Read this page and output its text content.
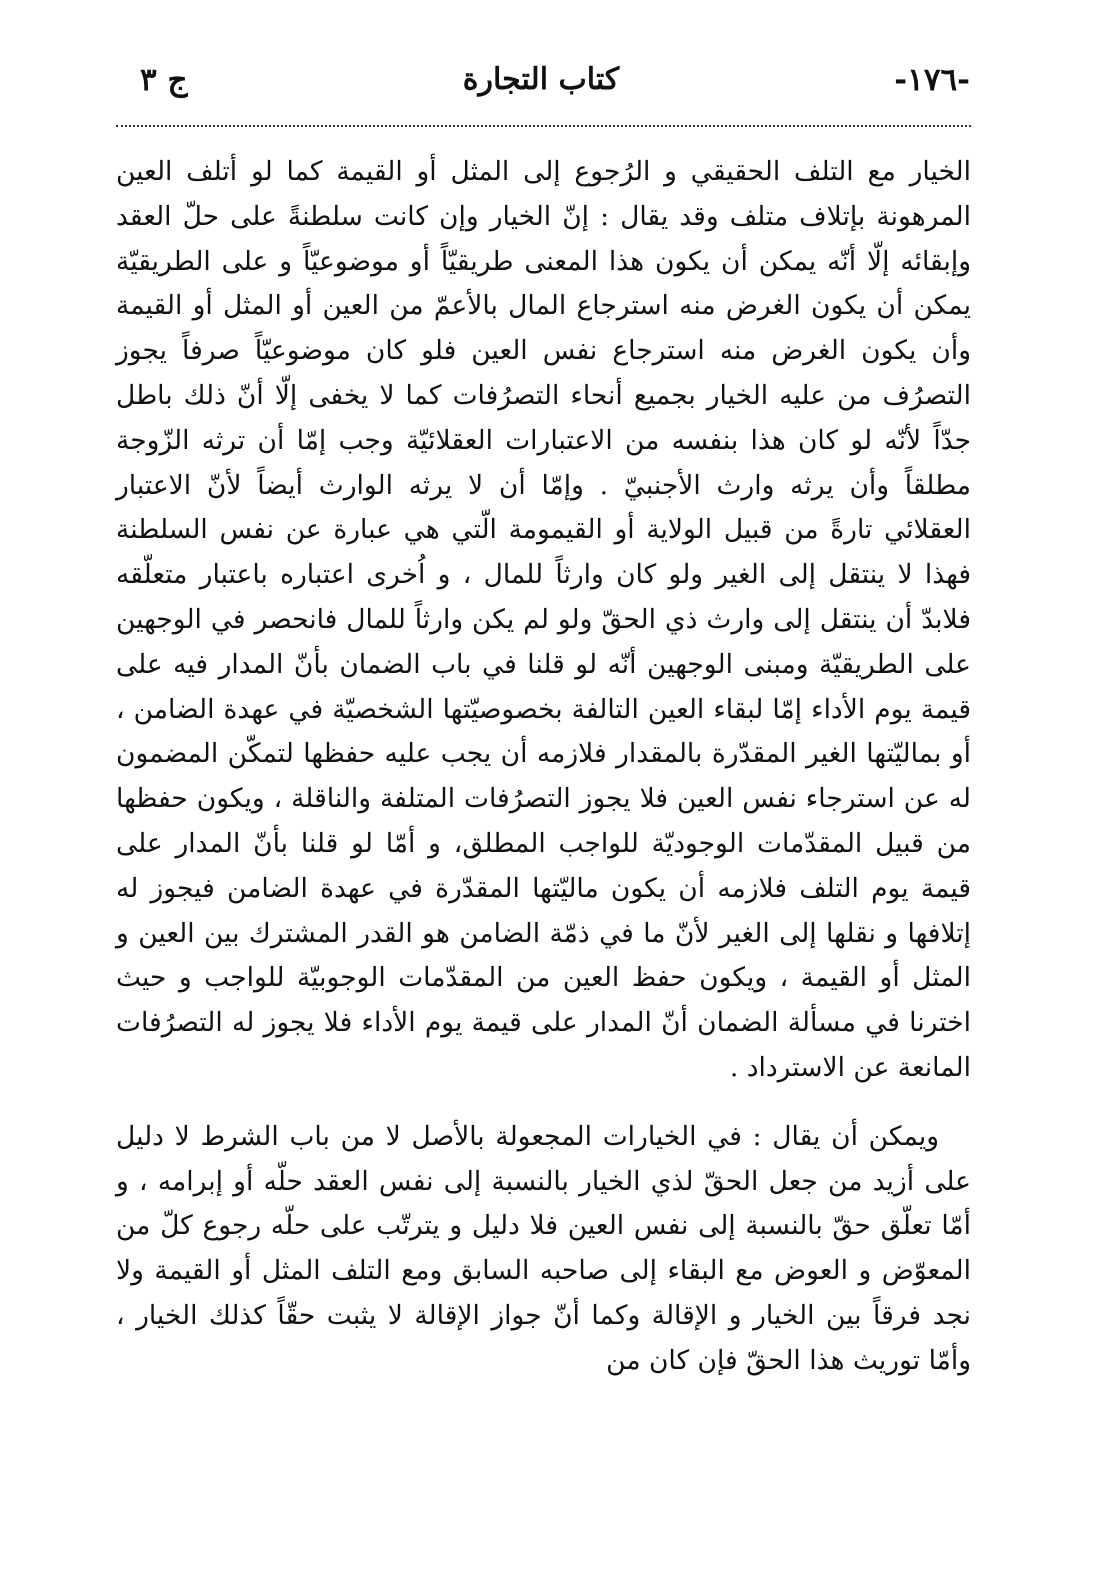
-١٧٦-
كتاب التجارة
ج ٣

الخيار مع التلف الحقيقي و الرُجوع إلى المثل أو القيمة كما لو أتلف العين المرهونة بإتلاف متلف وقد يقال : إنّ الخيار وإن كانت سلطنةً على حلّ العقد وإبقائه إلّا أنّه يمكن أن يكون هذا المعنى طريقيّاً أو موضوعيّاً و على الطريقيّة يمكن أن يكون الغرض منه استرجاع المال بالأعمّ من العين أو المثل أو القيمة وأن يكون الغرض منه استرجاع نفس العين فلو كان موضوعيّاً صرفاً يجوز التصرُف من عليه الخيار بجميع أنحاء التصرُفات كما لا يخفى إلّا أنّ ذلك باطل جدّاً لأنّه لو كان هذا بنفسه من الاعتبارات العقلائيّة وجب إمّا أن ترثه الزّوجة مطلقاً وأن يرثه وارث الأجنبيّ . وإمّا أن لا يرثه الوارث أيضاً لأنّ الاعتبار العقلائي تارةً من قبيل الولاية أو القيمومة الّتي هي عبارة عن نفس السلطنة فهذا لا ينتقل إلى الغير ولو كان وارثاً للمال ، و اُخرى اعتباره باعتبار متعلّقه فلابدّ أن ينتقل إلى وارث ذي الحقّ ولو لم يكن وارثاً للمال فانحصر في الوجهين على الطريقيّة ومبنى الوجهين أنّه لو قلنا في باب الضمان بأنّ المدار فيه على قيمة يوم الأداء إمّا لبقاء العين التالفة بخصوصيّتها الشخصيّة في عهدة الضامن ، أو بماليّتها الغير المقدّرة بالمقدار فلازمه أن يجب عليه حفظها لتمكّن المضمون له عن استرجاء نفس العين فلا يجوز التصرُفات المتلفة والناقلة ، ويكون حفظها من قبيل المقدّمات الوجوديّة للواجب المطلق، و أمّا لو قلنا بأنّ المدار على قيمة يوم التلف فلازمه أن يكون ماليّتها المقدّرة في عهدة الضامن فيجوز له إتلافها و نقلها إلى الغير لأنّ ما في ذمّة الضامن هو القدر المشترك بين العين و المثل أو القيمة ، ويكون حفظ العين من المقدّمات الوجوبيّة للواجب و حيث اخترنا في مسألة الضمان أنّ المدار على قيمة يوم الأداء فلا يجوز له التصرُفات المانعة عن الاسترداد .

ويمكن أن يقال : في الخيارات المجعولة بالأصل لا من باب الشرط لا دليل على أزيد من جعل الحقّ لذي الخيار بالنسبة إلى نفس العقد حلّه أو إبرامه ، و أمّا تعلّق حقّ بالنسبة إلى نفس العين فلا دليل و يترتّب على حلّه رجوع كلّ من المعوّض و العوض مع البقاء إلى صاحبه السابق ومع التلف المثل أو القيمة ولا نجد فرقاً بين الخيار و الإقالة وكما أنّ جواز الإقالة لا يثبت حقّاً كذلك الخيار ، وأمّا توريث هذا الحقّ فإن كان من
